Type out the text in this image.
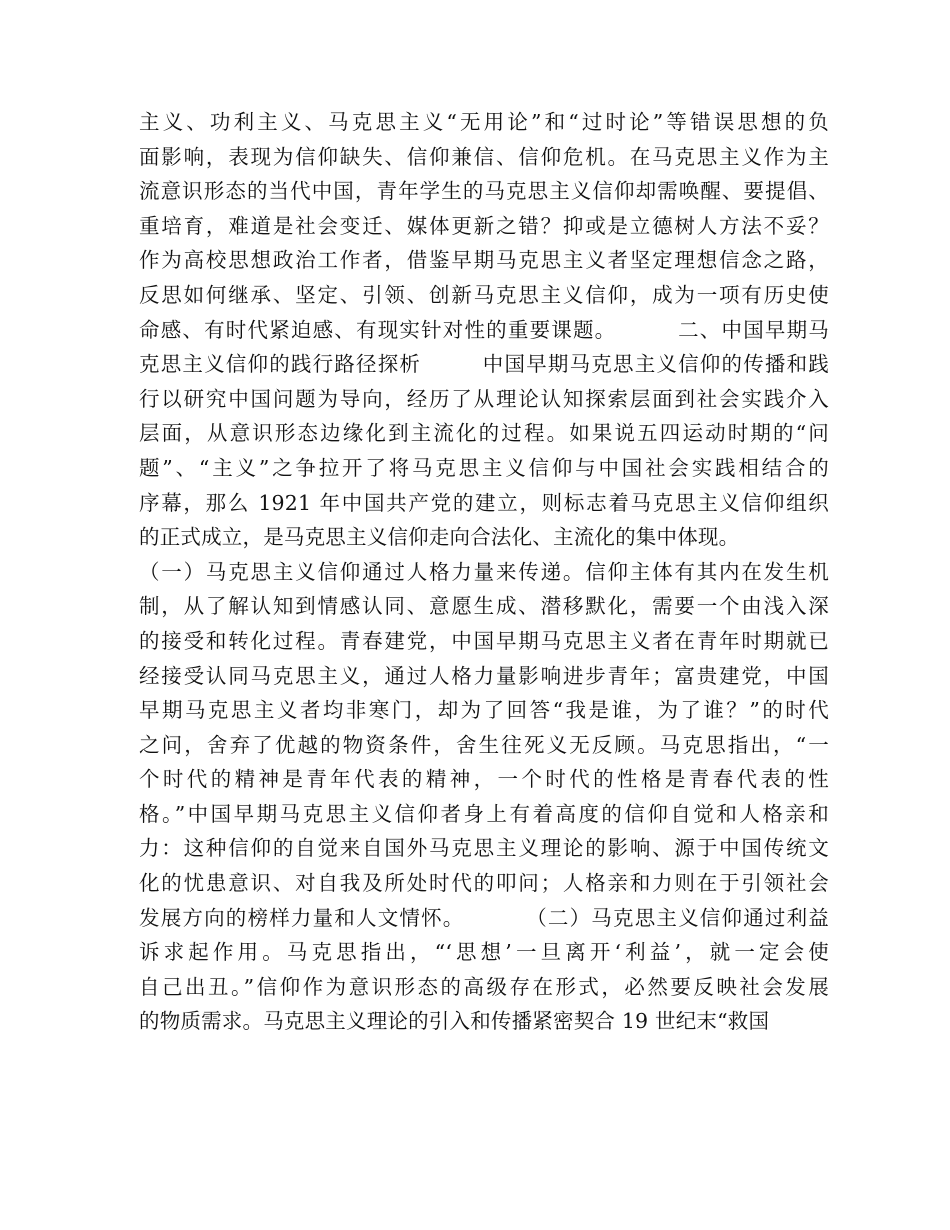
主义、功利主义、马克思主义“无用论”和“过时论”等错误思想的负
面影响，表现为信仰缺失、信仰兼信、信仰危机。在马克思主义作为主
流意识形态的当代中国，青年学生的马克思主义信仰却需唤醒、要提倡、
重培育，难道是社会变迁、媒体更新之错？抑或是立德树人方法不妥？
作为高校思想政治工作者，借鉴早期马克思主义者坚定理想信念之路，
反思如何继承、坚定、引领、创新马克思主义信仰，成为一项有历史使
命感、有时代紧迫感、有现实针对性的重要课题。        二、中国早期马
克思主义信仰的践行路径探析        中国早期马克思主义信仰的传播和践
行以研究中国问题为导向，经历了从理论认知探索层面到社会实践介入
层面，从意识形态边缘化到主流化的过程。如果说五四运动时期的“问
题”、“主义”之争拉开了将马克思主义信仰与中国社会实践相结合的
序幕，那么 1921 年中国共产党的建立，则标志着马克思主义信仰组织
的正式成立，是马克思主义信仰走向合法化、主流化的集中体现。
（一）马克思主义信仰通过人格力量来传递。信仰主体有其内在发生机
制，从了解认知到情感认同、意愿生成、潜移默化，需要一个由浅入深
的接受和转化过程。青春建党，中国早期马克思主义者在青年时期就已
经接受认同马克思主义，通过人格力量影响进步青年；富贵建党，中国
早期马克思主义者均非寒门，却为了回答“我是谁，为了谁？”的时代
之问，舍弃了优越的物资条件，舍生往死义无反顾。马克思指出，“一
个时代的精神是青年代表的精神，一个时代的性格是青春代表的性
格。”中国早期马克思主义信仰者身上有着高度的信仰自觉和人格亲和
力：这种信仰的自觉来自国外马克思主义理论的影响、源于中国传统文
化的忧患意识、对自我及所处时代的叩问；人格亲和力则在于引领社会
发展方向的榜样力量和人文情怀。        （二）马克思主义信仰通过利益
诉求起作用。马克思指出，“‘思想’一旦离开‘利益’，就一定会使
自己出丑。”信仰作为意识形态的高级存在形式，必然要反映社会发展
的物质需求。马克思主义理论的引入和传播紧密契合 19 世纪末“救国
